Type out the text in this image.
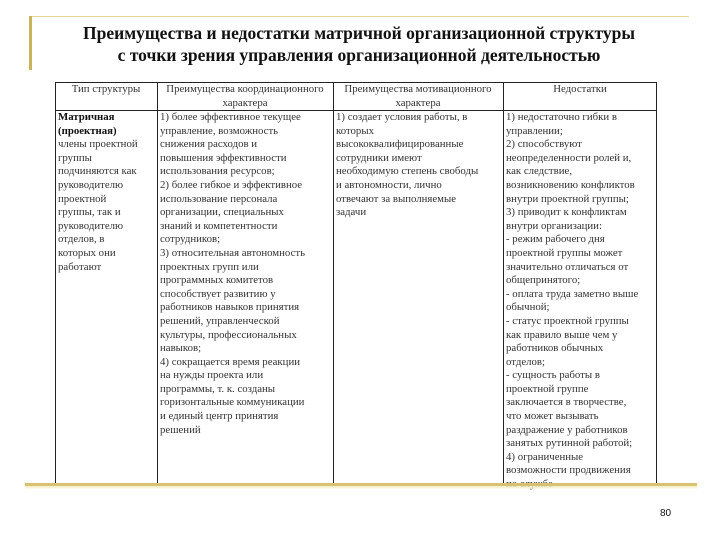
Преимущества и недостатки матричной организационной структуры
с точки зрения управления организационной деятельностью
Тип структуры	Преимущества координационного характера
Преимущества мотивационного характера
Недостатки
Матричная
(проектная)
члены проектной
группы
подчиняются как
руководителю
проектной
группы, так и
руководителю
отделов, в
которых они
работают
1) более эффективное текущее
управление, возможность
снижения расходов и
повышения эффективности
использования ресурсов;
2) более гибкое и эффективное
использование персонала
организации, специальных
знаний и компетентности
сотрудников;
3) относительная автономность
проектных групп или
программных комитетов
способствует развитию у
работников навыков принятия
решений, управленческой
культуры, профессиональных
навыков;
4) сокращается время реакции
на нужды проекта или
программы, т. к. созданы
горизонтальные коммуникации
и единый центр принятия
решений
1) создает условия работы, в
которых
высококвалифицированные
сотрудники имеют
необходимую степень свободы
и автономности, лично
отвечают за выполняемые
задачи
1) недостаточно гибки в
управлении;
2) способствуют
неопределенности ролей и,
как следствие,
возникновению конфликтов
внутри проектной группы;
3) приводит к конфликтам
внутри организации:
- режим рабочего дня
проектной группы может
значительно отличаться от
общепринятого;
- оплата труда заметно выше
обычной;
- статус проектной группы
как правило выше чем у
работников обычных
отделов;
- сущность работы в
проектной группе
заключается в творчестве,
что может вызывать
раздражение у работников
занятых рутинной работой;
4) ограниченные
возможности продвижения
80
